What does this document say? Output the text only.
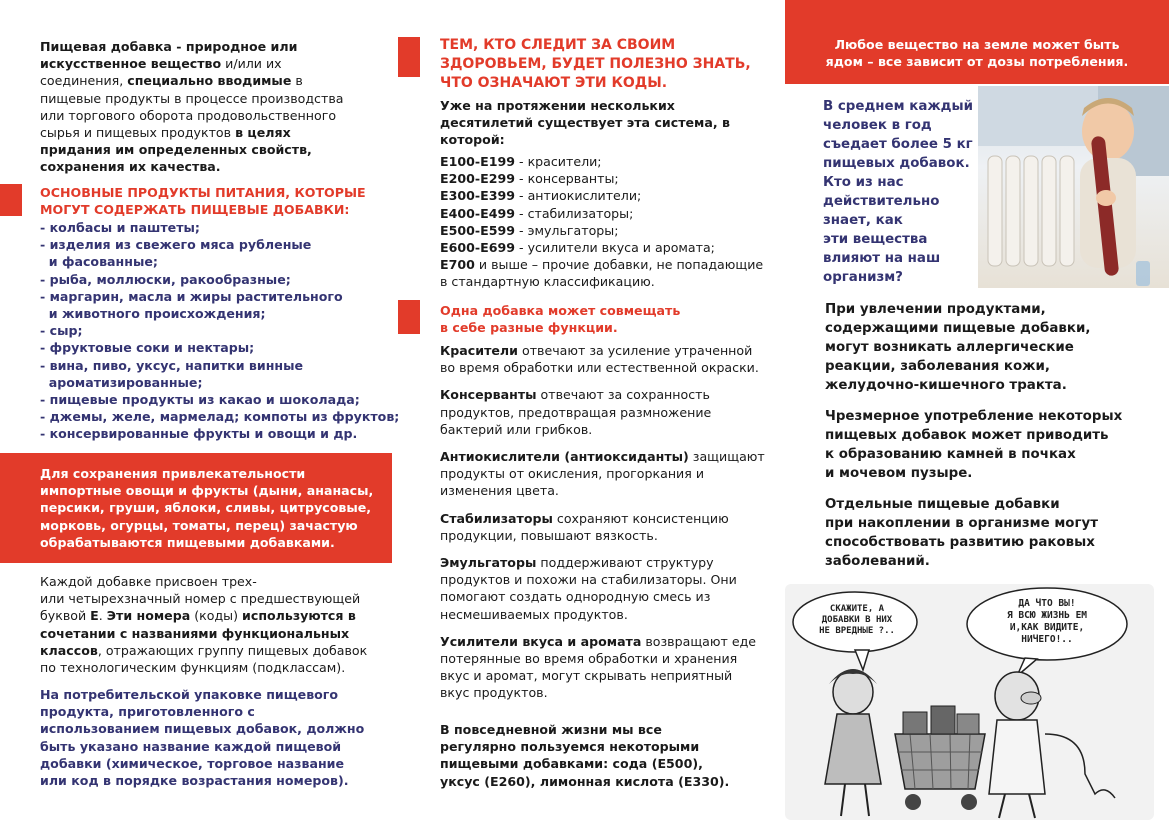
Пищевая добавка - природное или искусственное вещество и/или их соединения, специально вводимые в пищевые продукты в процессе производства или торгового оборота продовольственного сырья и пищевых продуктов в целях придания им определенных свойств, сохранения их качества.

ОСНОВНЫЕ ПРОДУКТЫ ПИТАНИЯ, КОТОРЫЕ
МОГУТ СОДЕРЖАТЬ ПИЩЕВЫЕ ДОБАВКИ:
- колбасы и паштеты;
- изделия из свежего мяса рубленые
и фасованные;
- рыба, моллюски, ракообразные;
- маргарин, масла и жиры растительного
и животного происхождения;
- сыр;
- фруктовые соки и нектары;
- вина, пиво, уксус, напитки винные
ароматизированные;
- пищевые продукты из какао и шоколада;
- джемы, желе, мармелад; компоты из фруктов;
- консервированные фрукты и овощи и др.
Для сохранения привлекательности
импортные овощи и фрукты (дыни, ананасы,
персики, груши, яблоки, сливы, цитрусовые,
морковь, огурцы, томаты, перец) зачастую
обрабатываются пищевыми добавками.

Каждой добавке присвоен трех-
или четырехзначный номер с предшествующей буквой Е. Эти номера (коды) используются в сочетании с названиями функциональных классов, отражающих группу пищевых добавок по технологическим функциям (подклассам).

На потребительской упаковке пищевого продукта, приготовленного с использованием пищевых добавок, должно быть указано название каждой пищевой добавки (химическое, торговое название или код в порядке возрастания номеров).

ТЕМ, КТО СЛЕДИТ ЗА СВОИМ
ЗДОРОВЬЕМ, БУДЕТ ПОЛЕЗНО ЗНАТЬ,
ЧТО ОЗНАЧАЮТ ЭТИ КОДЫ.

Уже на протяжении нескольких десятилетий существует эта система, в которой:

Е100-Е199 - красители;
Е200-Е299 - консерванты;
Е300-Е399 - антиокислители;
Е400-Е499 - стабилизаторы;
Е500-Е599 - эмульгаторы;
Е600-Е699 - усилители вкуса и аромата;
Е700 и выше – прочие добавки, не попадающие в стандартную классификацию.
Одна добавка может совмещать
в себе разные функции.

Красители отвечают за усиление утраченной во время обработки или естественной окраски.

Консерванты отвечают за сохранность продуктов, предотвращая размножение бактерий или грибков.

Антиокислители (антиоксиданты) защищают продукты от окисления, прогоркания и изменения цвета.

Стабилизаторы сохраняют консистенцию продукции, повышают вязкость.

Эмульгаторы поддерживают структуру продуктов и похожи на стабилизаторы. Они помогают создать однородную смесь из несмешиваемых продуктов.

Усилители вкуса и аромата возвращают еде потерянные во время обработки и хранения вкус и аромат, могут скрывать неприятный вкус продуктов.

В повседневной жизни мы все регулярно пользуемся некоторыми пищевыми добавками: сода (Е500), уксус (Е260), лимонная кислота (Е330).

Любое вещество на земле может быть
ядом – все зависит от дозы потребления.
В среднем каждый
человек в год
съедает более 5 кг
пищевых добавок.
Кто из нас
действительно
знает, как
эти вещества
влияют на наш
организм?
При увлечении продуктами,
содержащими пищевые добавки,
могут возникать аллергические
реакции, заболевания кожи,
желудочно-кишечного тракта.
Чрезмерное употребление некоторых
пищевых добавок может приводить
к образованию камней в почках
и мочевом пузыре.
Отдельные пищевые добавки
при накоплении в организме могут
способствовать развитию раковых
заболеваний.
СКАЖИТЕ, А
ДОБАВКИ В НИХ
НЕ ВРЕДНЫЕ ?..
ДА ЧТО ВЫ!
Я ВСЮ ЖИЗНЬ ЕМ
И,КАК ВИДИТЕ,
НИЧЕГО!..
